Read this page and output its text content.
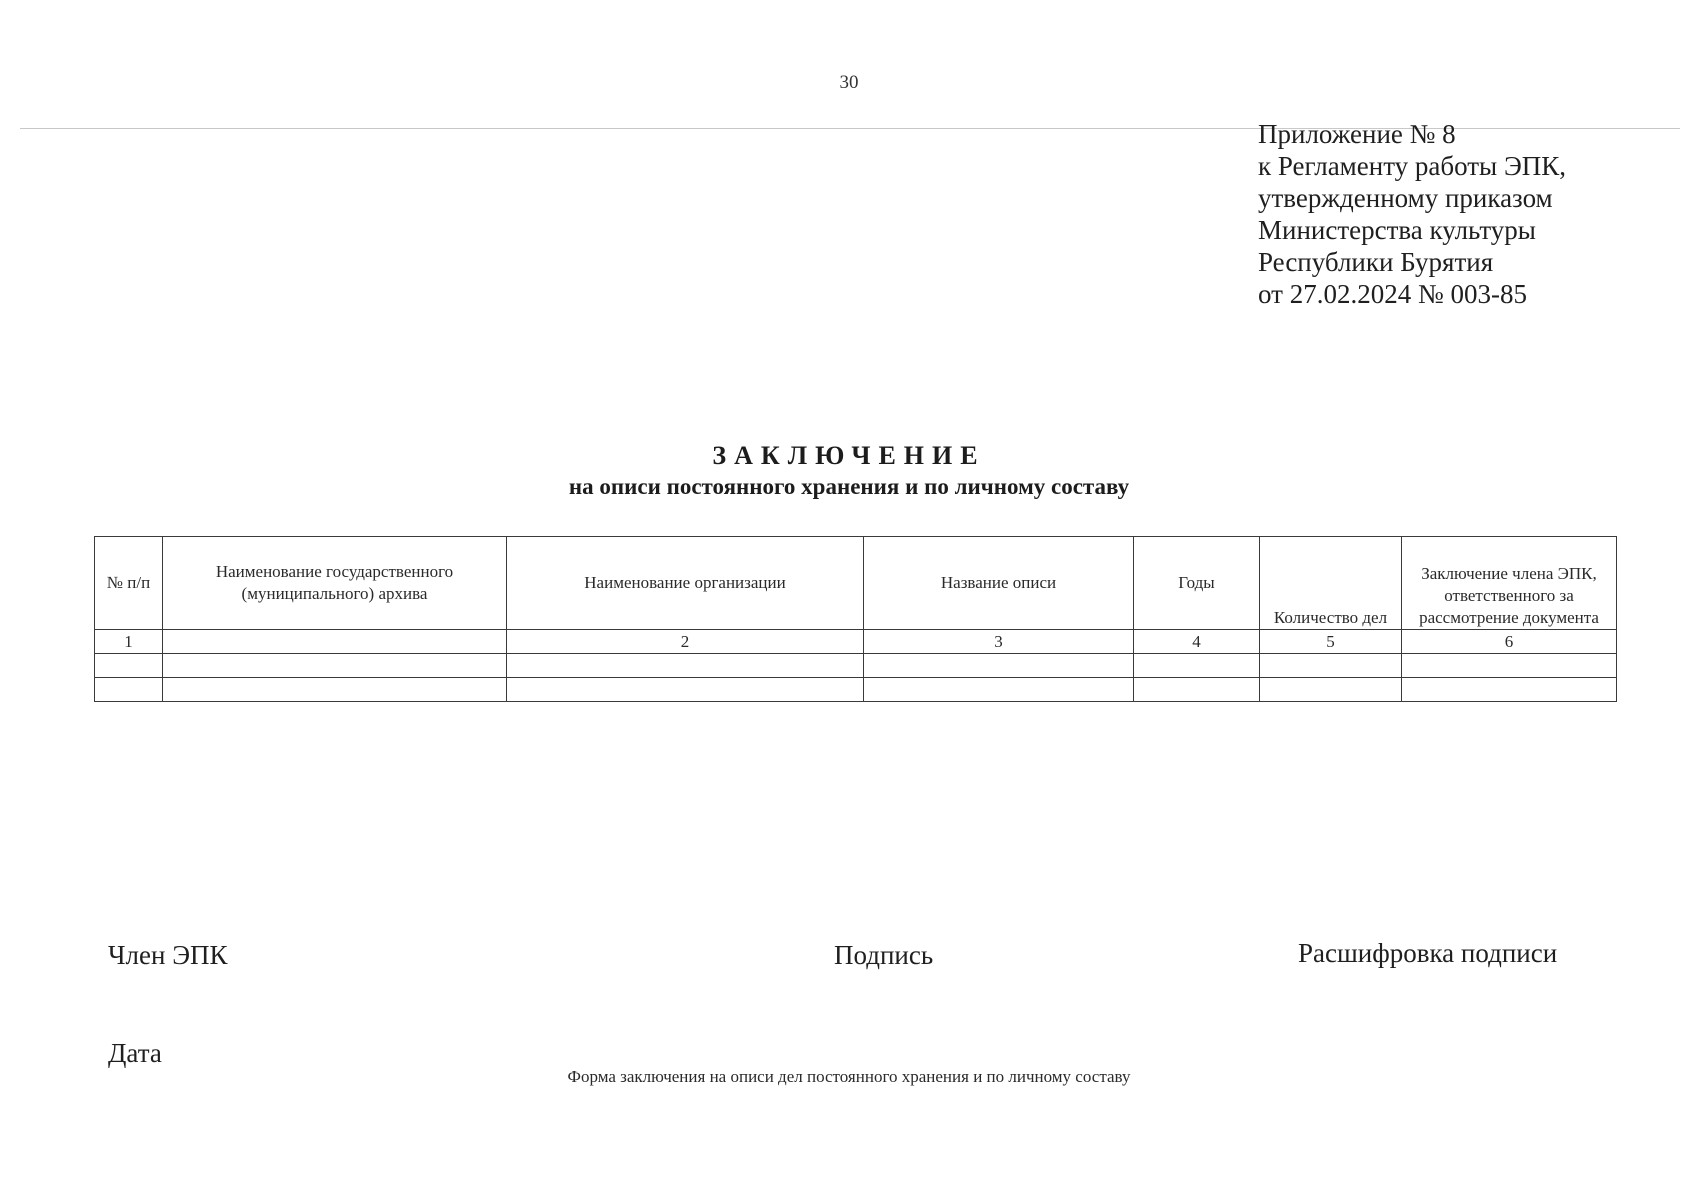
30
Приложение № 8
к Регламенту работы ЭПК,
утвержденному приказом
Министерства культуры
Республики Бурятия
от 27.02.2024 № 003-85
ЗАКЛЮЧЕНИЕ
на описи постоянного хранения и по личному составу
№ п/п	Наименование государственного (муниципального) архива	Наименование организации	Название описи	Годы	Количество дел	Заключение члена ЭПК, ответственного за рассмотрение документа
1		2	3	4	5	6

Член ЭПК	Подпись	Расшифровка подписи
Дата
Форма заключения на описи дел постоянного хранения и по личному составу
